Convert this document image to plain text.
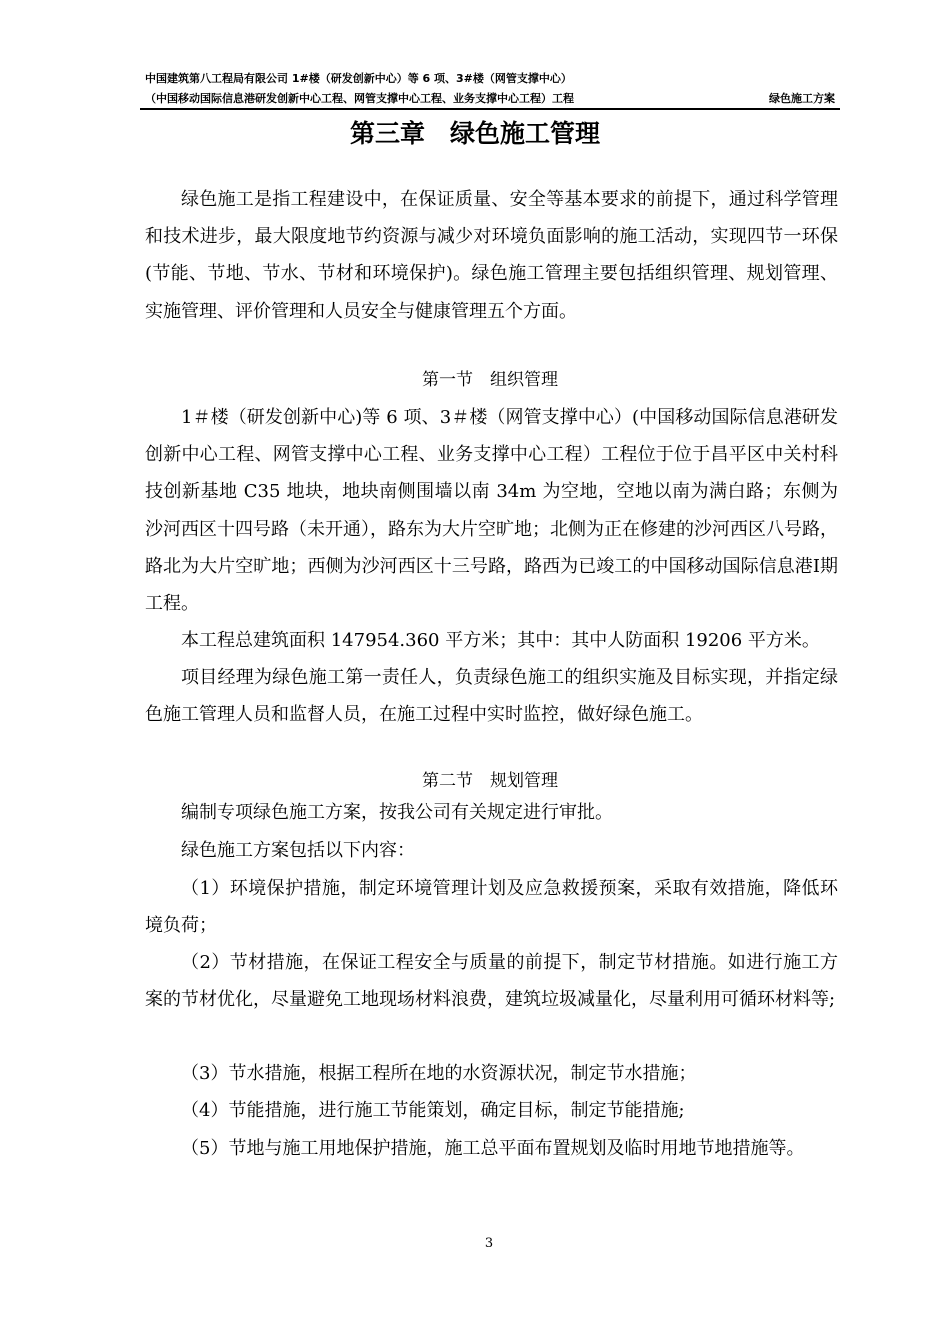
中国建筑第八工程局有限公司 1#楼（研发创新中心）等 6 项、3#楼（网管支撑中心）
（中国移动国际信息港研发创新中心工程、网管支撑中心工程、业务支撑中心工程）工程	绿色施工方案
第三章　绿色施工管理
绿色施工是指工程建设中，在保证质量、安全等基本要求的前提下，通过科学管理和技术进步，最大限度地节约资源与减少对环境负面影响的施工活动，实现四节一环保(节能、节地、节水、节材和环境保护)。绿色施工管理主要包括组织管理、规划管理、实施管理、评价管理和人员安全与健康管理五个方面。
第一节　组织管理
1＃楼（研发创新中心)等 6 项、3＃楼（网管支撑中心）(中国移动国际信息港研发创新中心工程、网管支撑中心工程、业务支撑中心工程）工程位于位于昌平区中关村科技创新基地 C35 地块，地块南侧围墙以南 34m 为空地，空地以南为满白路；东侧为沙河西区十四号路（未开通），路东为大片空旷地；北侧为正在修建的沙河西区八号路，路北为大片空旷地；西侧为沙河西区十三号路，路西为已竣工的中国移动国际信息港Ⅰ期工程。
本工程总建筑面积 147954.360 平方米；其中：其中人防面积 19206 平方米。
项目经理为绿色施工第一责任人，负责绿色施工的组织实施及目标实现，并指定绿色施工管理人员和监督人员，在施工过程中实时监控，做好绿色施工。
第二节　规划管理
编制专项绿色施工方案，按我公司有关规定进行审批。
绿色施工方案包括以下内容：
（1）环境保护措施，制定环境管理计划及应急救援预案，采取有效措施，降低环境负荷；
（2）节材措施，在保证工程安全与质量的前提下，制定节材措施。如进行施工方案的节材优化，尽量避免工地现场材料浪费，建筑垃圾减量化，尽量利用可循环材料等;
（3）节水措施，根据工程所在地的水资源状况，制定节水措施；
（4）节能措施，进行施工节能策划，确定目标，制定节能措施;
（5）节地与施工用地保护措施，施工总平面布置规划及临时用地节地措施等。
3
